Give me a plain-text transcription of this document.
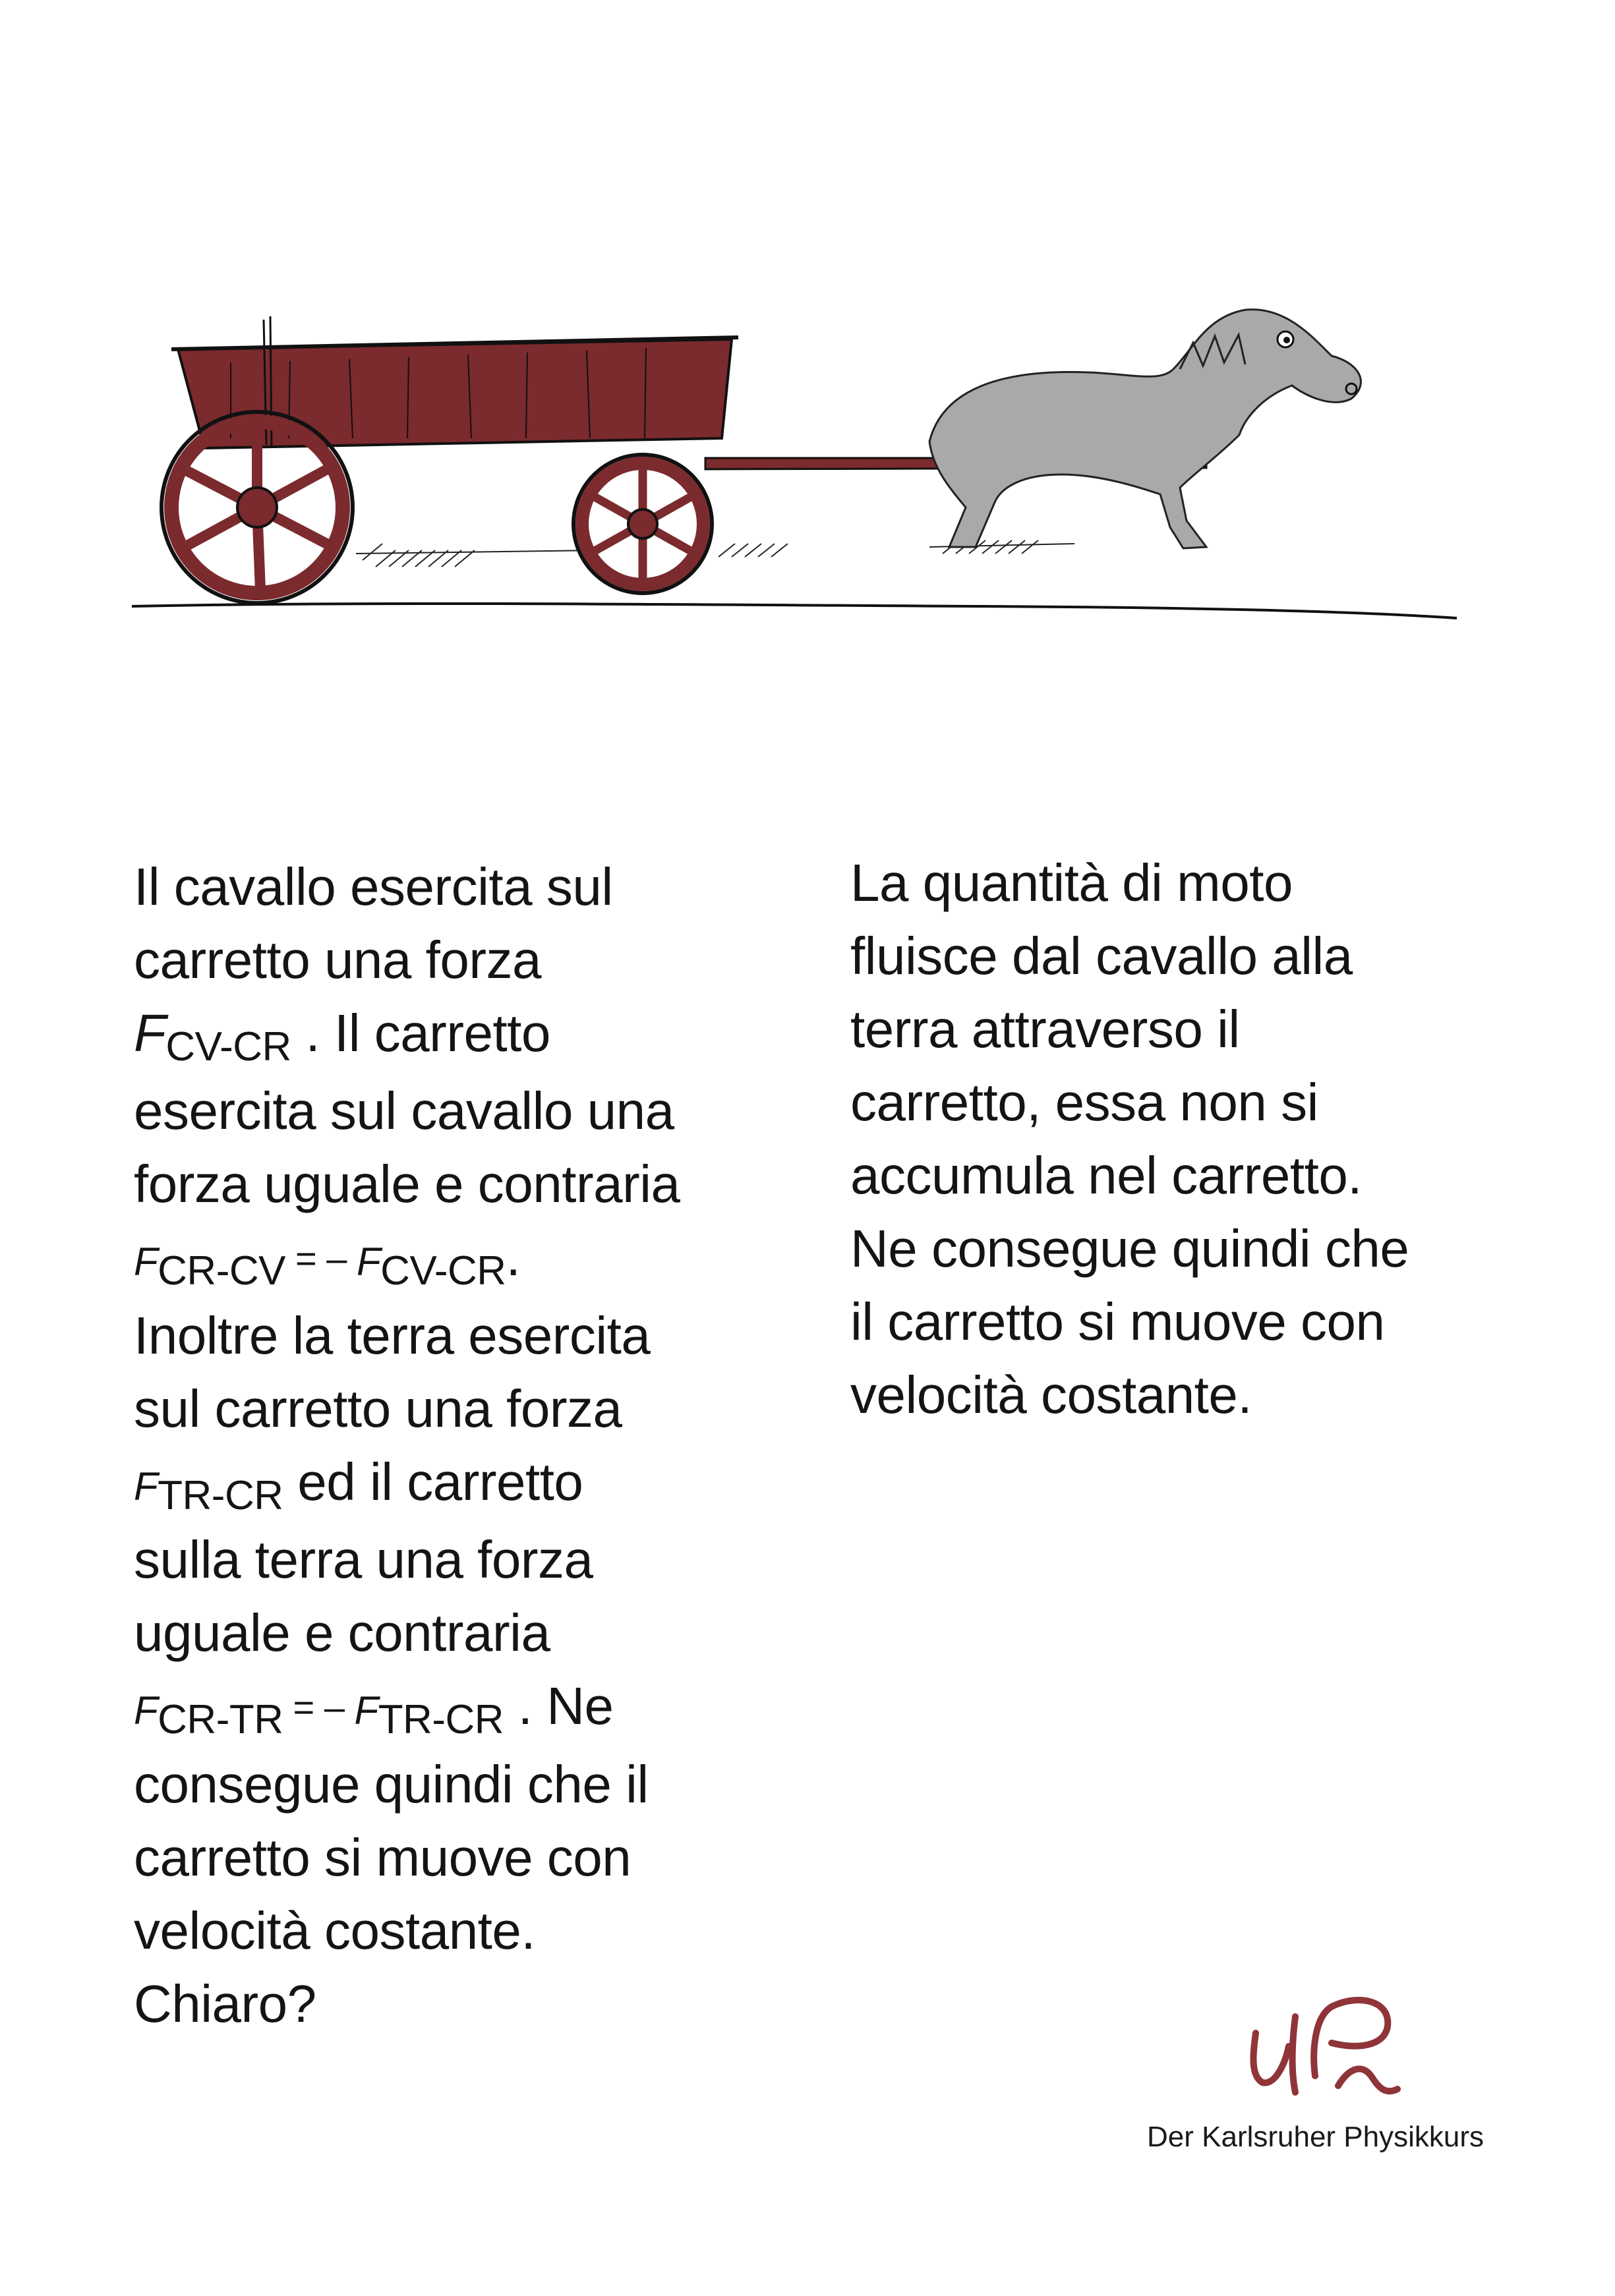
Il cavallo esercita sul
carretto una forza
FCV-CR . Il carretto
esercita sul cavallo una
forza uguale e contraria
FCR-CV = – FCV-CR.
Inoltre la terra esercita
sul carretto una forza
FTR-CR ed il carretto
sulla terra una forza
uguale e contraria
FCR-TR = – FTR-CR . Ne
consegue quindi che il
carretto si muove con
velocità costante.
Chiaro?
La quantità di moto
fluisce dal cavallo alla
terra attraverso il
carretto, essa non si
accumula nel carretto.
Ne consegue quindi che
il carretto si muove con
velocità costante.
Der Karlsruher Physikkurs
